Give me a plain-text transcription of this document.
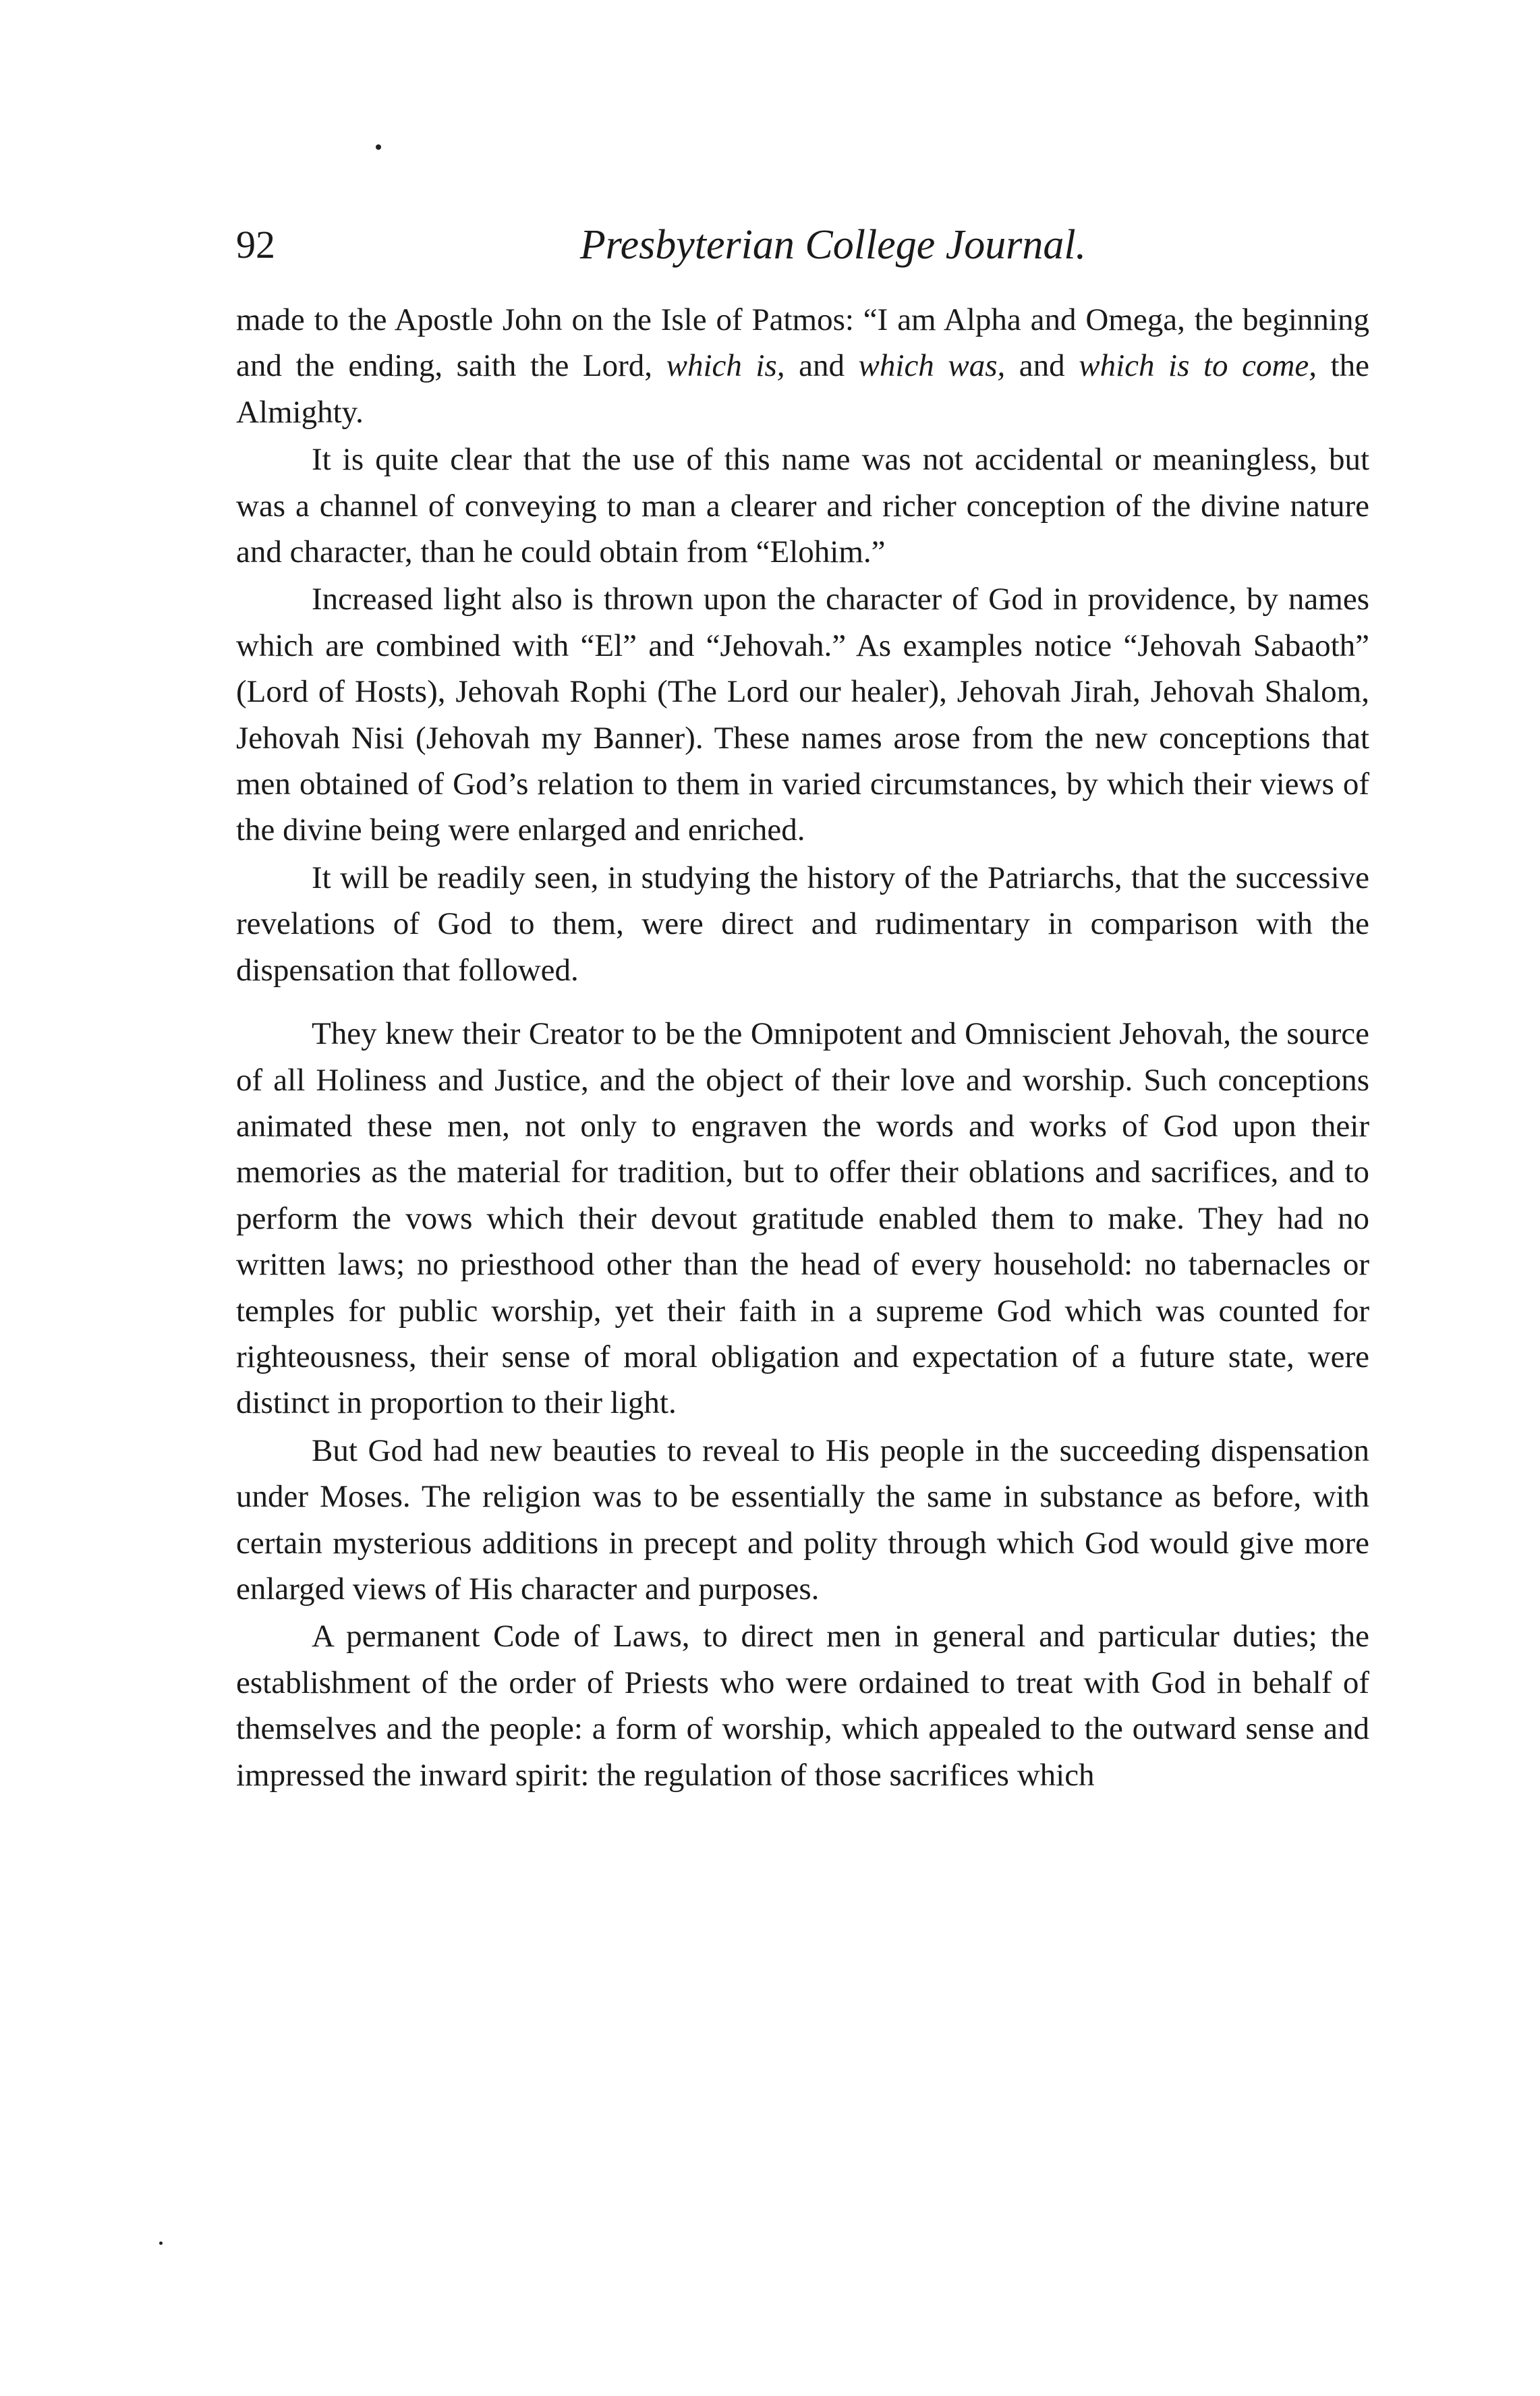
92	Presbyterian College Journal.

made to the Apostle John on the Isle of Patmos: “I am Alpha and Omega, the beginning and the ending, saith the Lord, which is, and which was, and which is to come, the Almighty.

It is quite clear that the use of this name was not accidental or meaningless, but was a channel of conveying to man a clearer and richer conception of the divine nature and character, than he could obtain from “Elohim.”

Increased light also is thrown upon the character of God in providence, by names which are combined with “El” and “Jehovah.” As examples notice “Jehovah Sabaoth” (Lord of Hosts), Jehovah Rophi (The Lord our healer), Jehovah Jirah, Jehovah Shalom, Jehovah Nisi (Jehovah my Banner). These names arose from the new conceptions that men obtained of God’s relation to them in varied circumstances, by which their views of the divine being were enlarged and enriched.

It will be readily seen, in studying the history of the Patriarchs, that the successive revelations of God to them, were direct and rudimentary in comparison with the dispensation that followed.

They knew their Creator to be the Omnipotent and Omniscient Jehovah, the source of all Holiness and Justice, and the object of their love and worship. Such conceptions animated these men, not only to engraven the words and works of God upon their memories as the material for tradition, but to offer their oblations and sacrifices, and to perform the vows which their devout gratitude enabled them to make. They had no written laws; no priesthood other than the head of every household: no tabernacles or temples for public worship, yet their faith in a supreme God which was counted for righteousness, their sense of moral obligation and expectation of a future state, were distinct in proportion to their light.

But God had new beauties to reveal to His people in the succeeding dispensation under Moses. The religion was to be essentially the same in substance as before, with certain mysterious additions in precept and polity through which God would give more enlarged views of His character and purposes.

A permanent Code of Laws, to direct men in general and particular duties; the establishment of the order of Priests who were ordained to treat with God in behalf of themselves and the people: a form of worship, which appealed to the outward sense and impressed the inward spirit: the regulation of those sacrifices which
